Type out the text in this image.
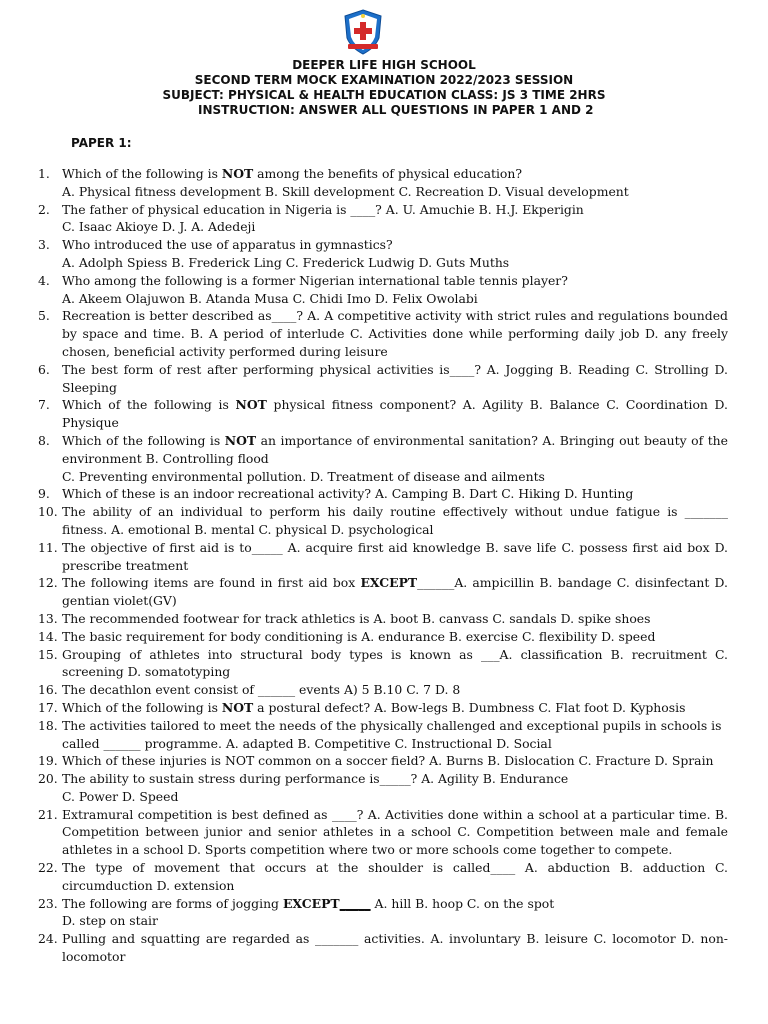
DEEPER LIFE HIGH SCHOOL
SECOND TERM MOCK EXAMINATION 2022/2023 SESSION
SUBJECT: PHYSICAL & HEALTH EDUCATION CLASS: JS 3 TIME 2HRS
INSTRUCTION: ANSWER ALL QUESTIONS IN PAPER 1 AND 2
PAPER 1:
1. Which of the following is NOT among the benefits of physical education?
A. Physical fitness development B. Skill development C. Recreation D. Visual development
2. The father of physical education in Nigeria is ____? A. U. Amuchie B. H.J. Ekperigin
C. Isaac Akioye D. J. A. Adedeji
3. Who introduced the use of apparatus in gymnastics?
A. Adolph Spiess B. Frederick Ling C. Frederick Ludwig D. Guts Muths
4. Who among the following is a former Nigerian international table tennis player?
A. Akeem Olajuwon B. Atanda Musa C. Chidi Imo D. Felix Owolabi
5. Recreation is better described as____? A. A competitive activity with strict rules and regulations bounded by space and time. B. A period of interlude C. Activities done while performing daily job D. any freely chosen, beneficial activity performed during leisure
6. The best form of rest after performing physical activities is____? A. Jogging B. Reading C. Strolling D. Sleeping
7. Which of the following is NOT physical fitness component? A. Agility B. Balance C. Coordination D. Physique
8. Which of the following is NOT an importance of environmental sanitation? A. Bringing out beauty of the environment B. Controlling flood
C. Preventing environmental pollution. D. Treatment of disease and ailments
9. Which of these is an indoor recreational activity? A. Camping B. Dart C. Hiking D. Hunting
10. The ability of an individual to perform his daily routine effectively without undue fatigue is _______ fitness. A. emotional B. mental C. physical D. psychological
11. The objective of first aid is to_____ A. acquire first aid knowledge B. save life C. possess first aid box D. prescribe treatment
12. The following items are found in first aid box EXCEPT______A. ampicillin B. bandage C. disinfectant D. gentian violet(GV)
13. The recommended footwear for track athletics is A. boot B. canvass C. sandals D. spike shoes
14. The basic requirement for body conditioning is A. endurance B. exercise C. flexibility D. speed
15. Grouping of athletes into structural body types is known as ___A. classification B. recruitment C. screening D. somatotyping
16. The decathlon event consist of ______ events A) 5 B.10 C. 7 D. 8
17. Which of the following is NOT a postural defect? A. Bow-legs B. Dumbness C. Flat foot D. Kyphosis
18. The activities tailored to meet the needs of the physically challenged and exceptional pupils in schools is
called ______ programme. A. adapted B. Competitive C. Instructional D. Social
19. Which of these injuries is NOT common on a soccer field? A. Burns B. Dislocation C. Fracture D. Sprain
20. The ability to sustain stress during performance is_____? A. Agility B. Endurance
C. Power D. Speed
21. Extramural competition is best defined as ____? A. Activities done within a school at a particular time. B. Competition between junior and senior athletes in a school C. Competition between male and female athletes in a school D. Sports competition where two or more schools come together to compete.
22. The type of movement that occurs at the shoulder is called____ A. abduction B. adduction C. circumduction D. extension
23. The following are forms of jogging EXCEPT_____ A. hill B. hoop C. on the spot
D. step on stair
24. Pulling and squatting are regarded as _______ activities. A. involuntary B. leisure C. locomotor D. non-locomotor
